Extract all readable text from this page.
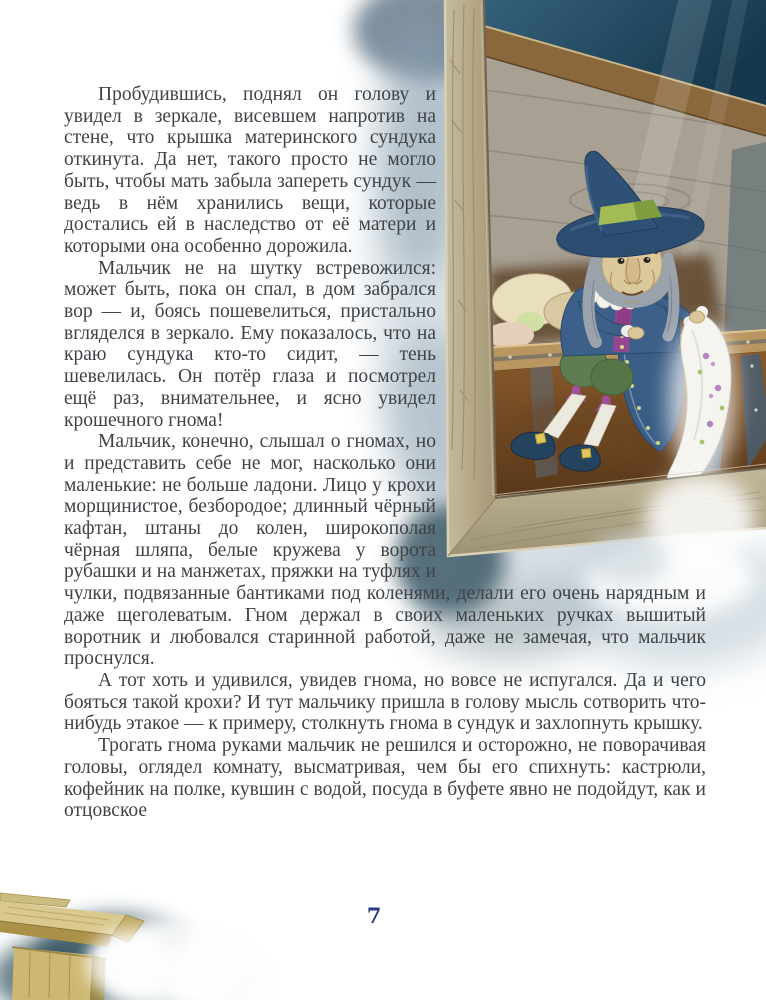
Пробудившись, поднял он голову и увидел в зеркале, висевшем напротив на стене, что крышка материнского сундука откинута. Да нет, такого просто не могло быть, чтобы мать забыла запереть сундук — ведь в нём хранились вещи, которые достались ей в наследство от её матери и которыми она особенно дорожила.

Мальчик не на шутку встревожился: может быть, пока он спал, в дом забрался вор — и, боясь пошевелиться, пристально вгляделся в зеркало. Ему показалось, что на краю сундука кто-то сидит, — тень шевелилась. Он потёр глаза и посмотрел ещё раз, внимательнее, и ясно увидел крошечного гнома!

Мальчик, конечно, слышал о гномах, но и представить себе не мог, насколько они маленькие: не больше ладони. Лицо у крохи морщинистое, безбородое; длинный чёрный кафтан, штаны до колен, широкополая чёрная шляпа, белые кружева у ворота рубашки и на манжетах, пряжки на туфлях и чулки, подвязанные бантиками под коленями, делали его очень нарядным и даже щеголеватым. Гном держал в своих маленьких ручках вышитый воротник и любовался старинной работой, даже не замечая, что мальчик проснулся.

А тот хоть и удивился, увидев гнома, но вовсе не испугался. Да и чего бояться такой крохи? И тут мальчику пришла в голову мысль сотворить что-нибудь этакое — к примеру, столкнуть гнома в сундук и захлопнуть крышку.

Трогать гнома руками мальчик не решился и осторожно, не поворачивая головы, оглядел комнату, высматривая, чем бы его спихнуть: кастрюли, кофейник на полке, кувшин с водой, посуда в буфете явно не подойдут, как и отцовское

7
